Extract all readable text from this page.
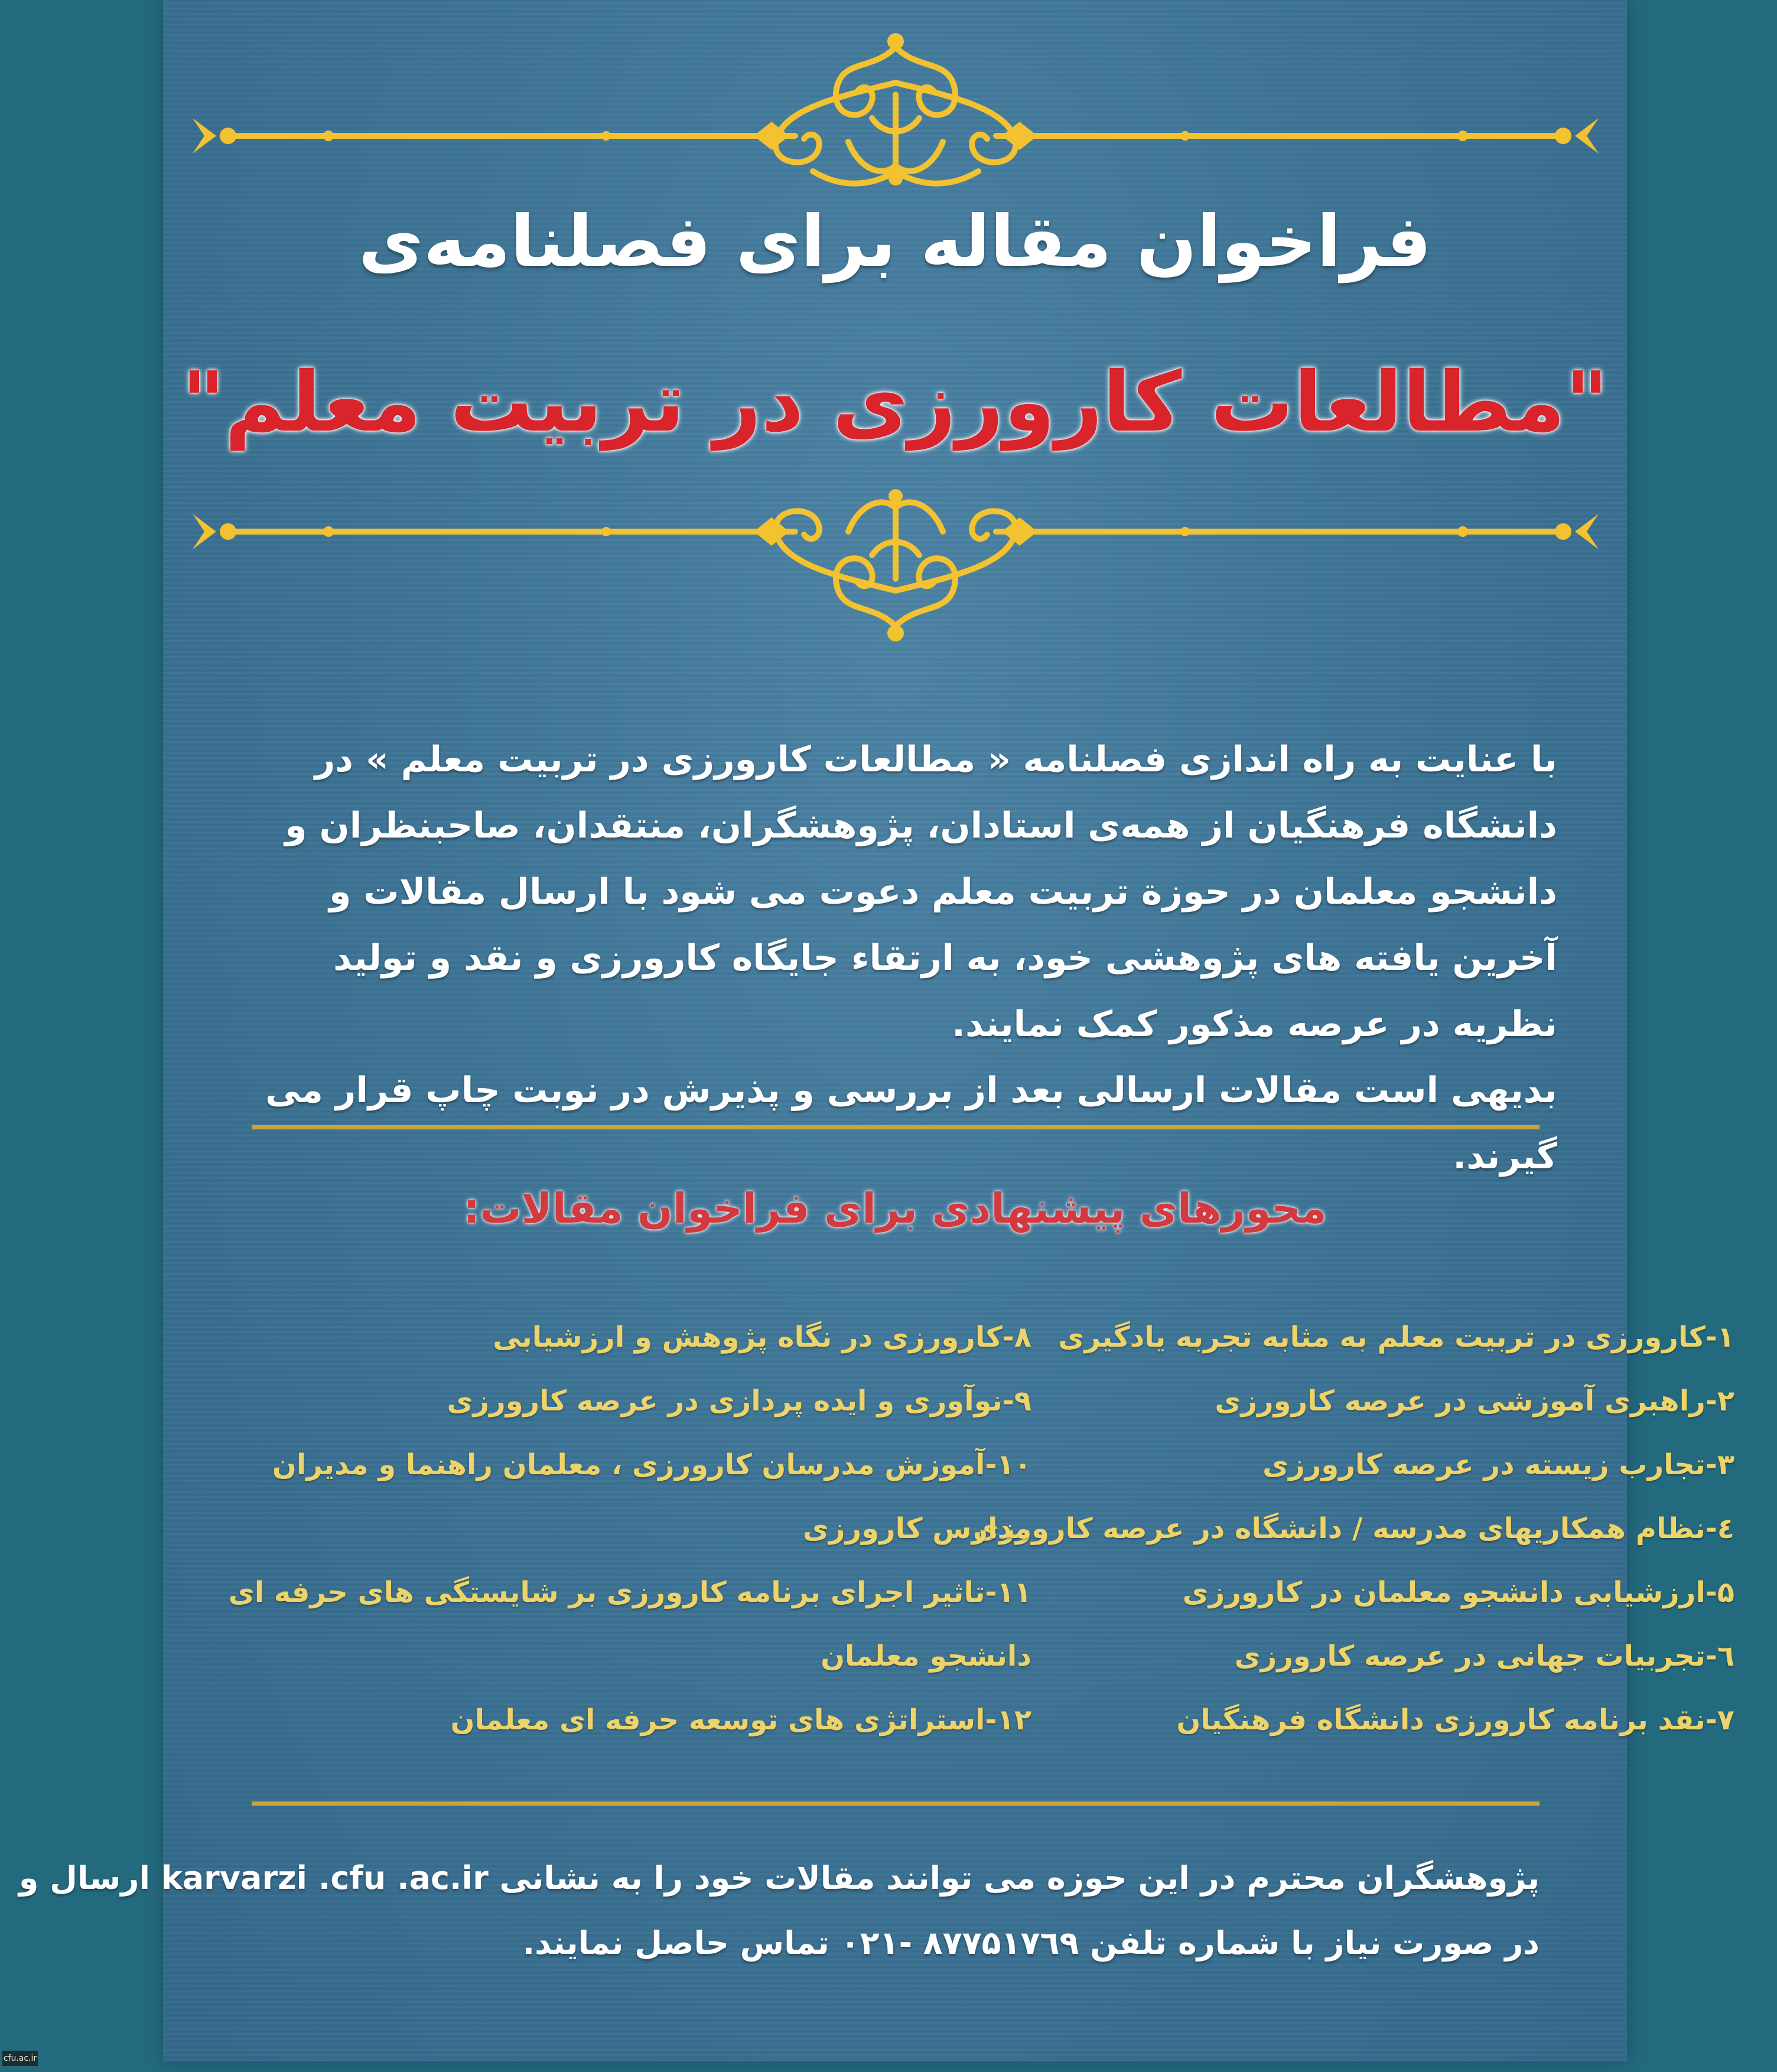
فراخوان مقاله برای فصلنامه‌ی
"مطالعات کارورزی در تربیت معلم"

با عنایت به راه اندازی فصلنامه « مطالعات کارورزی در تربیت معلم » در دانشگاه فرهنگیان از همه‌ی استادان، پژوهشگران، منتقدان، صاحبنظران و دانشجو معلمان در حوزة تربیت معلم دعوت می شود با ارسال مقالات و آخرین یافته های پژوهشی خود، به ارتقاء جایگاه کارورزی و نقد و تولید نظریه در عرصه مذکور کمک نمایند.

بدیهی است مقالات ارسالی بعد از بررسی و پذیرش در نوبت چاپ قرار می گیرند.

محورهای پیشنهادی برای فراخوان مقالات:
۱-کارورزی در تربیت معلم به مثابه تجربه یادگیری
۲-راهبری آموزشی در عرصه کارورزی
۳-تجارب زیسته در عرصه کارورزی
٤-نظام همکاریهای مدرسه / دانشگاه در عرصه کارورزی
۵-ارزشیابی دانشجو معلمان در کارورزی
٦-تجربیات جهانی در عرصه کارورزی
۷-نقد برنامه کارورزی دانشگاه فرهنگیان
۸-کارورزی در نگاه پژوهش و ارزشیابی
۹-نوآوری و ایده پردازی در عرصه کارورزی
۱۰-آموزش مدرسان کارورزی ، معلمان راهنما و مدیران
مدارس کارورزی
۱۱-تاثیر اجرای برنامه کارورزی بر شایستگی های حرفه ای
دانشجو معلمان
۱۲-استراتژی های توسعه حرفه ای معلمان

پژوهشگران محترم در این حوزه می توانند مقالات خود را به نشانی karvarzi .cfu .ac.ir ارسال و

در صورت نیاز با شماره تلفن ۸۷۷۵۱۷٦۹ -۰۲۱ تماس حاصل نمایند.

cfu.ac.ir
